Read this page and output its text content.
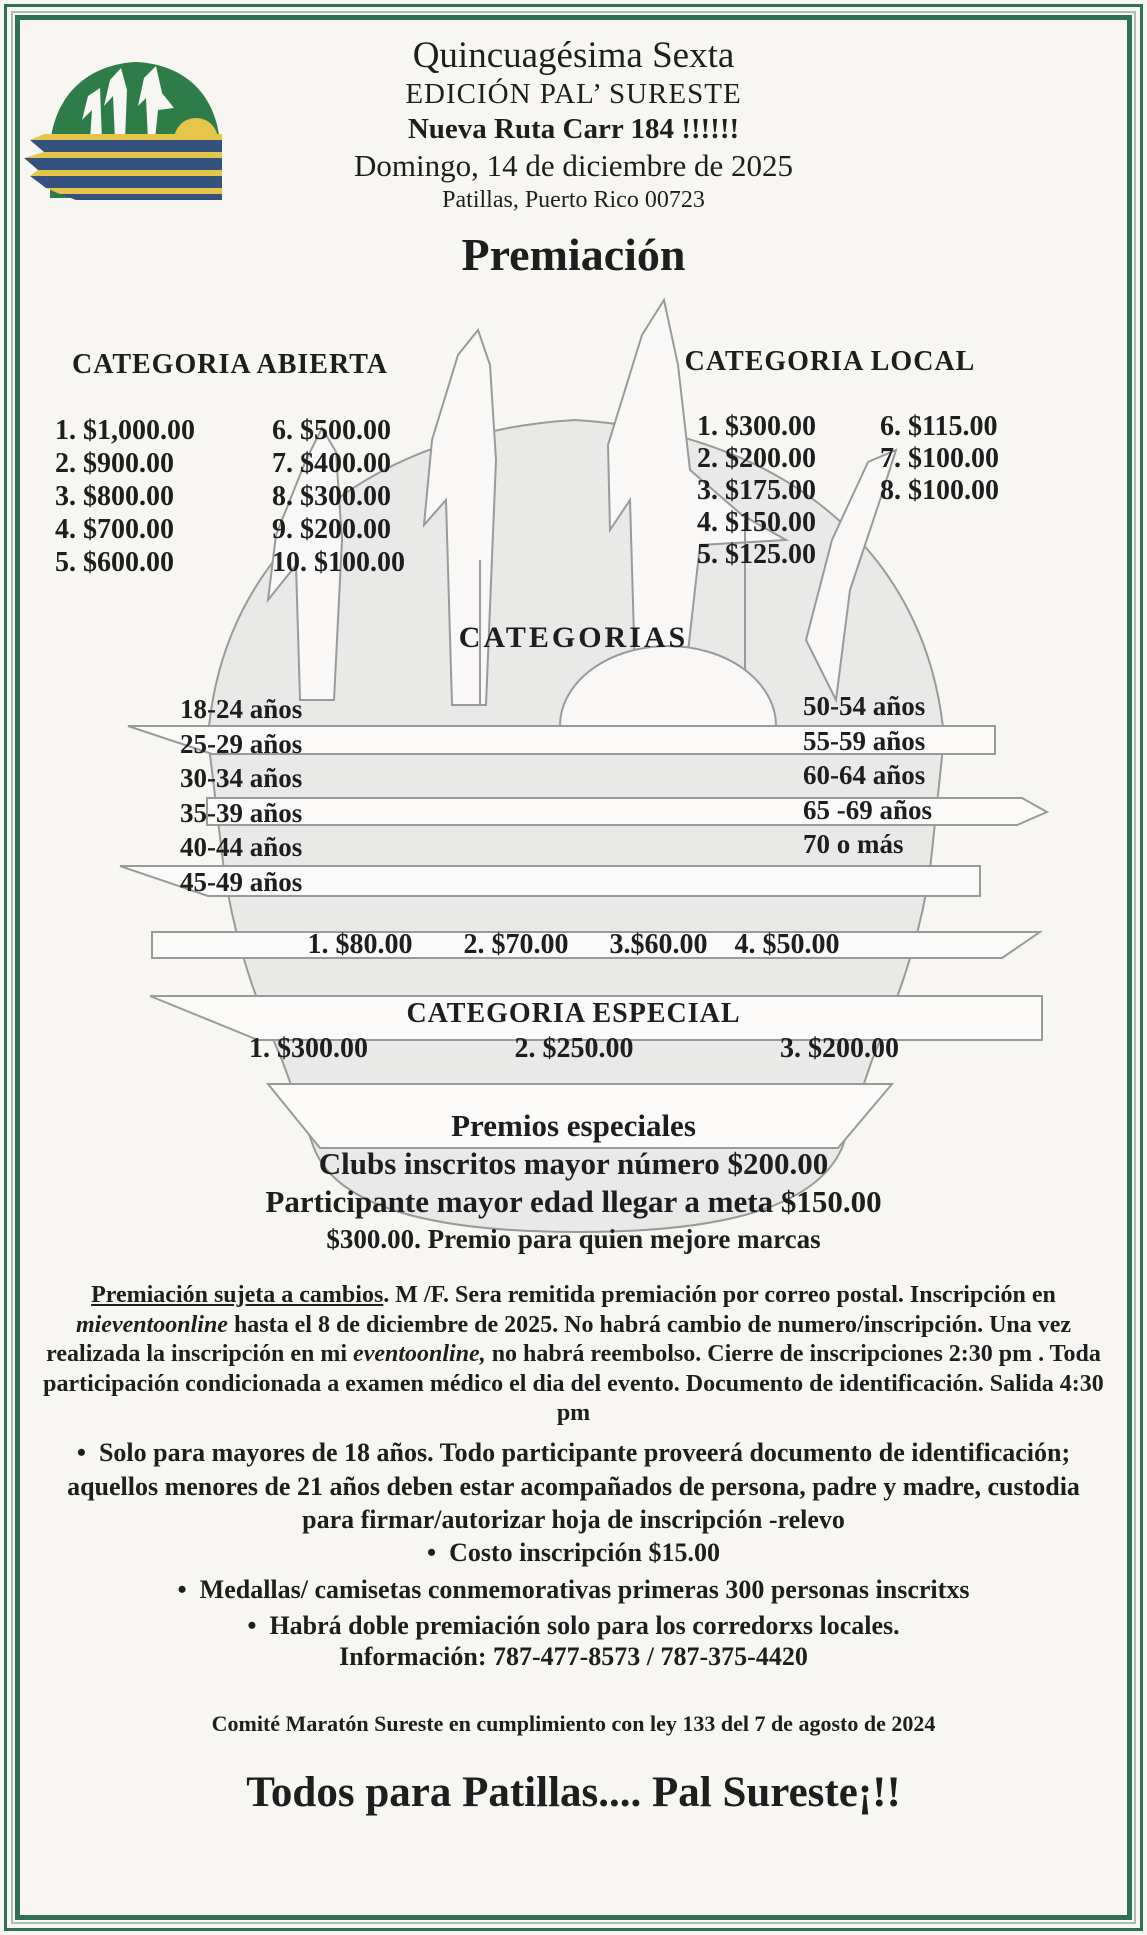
Quincuagésima Sexta
EDICIÓN PAL’ SURESTE
Nueva Ruta Carr 184 !!!!!!
Domingo, 14 de diciembre de 2025
Patillas, Puerto Rico 00723
Premiación
CATEGORIA ABIERTA
1. $1,000.00
2. $900.00
3. $800.00
4. $700.00
5. $600.00
6. $500.00
7. $400.00
8. $300.00
9. $200.00
10. $100.00
CATEGORIA LOCAL
1. $300.00
2. $200.00
3. $175.00
4. $150.00
5. $125.00
6. $115.00
7. $100.00
8. $100.00
CATEGORIAS
18-24 años
25-29 años
30-34 años
35-39 años
40-44 años
45-49 años
50-54 años
55-59 años
60-64 años
65 -69 años
70 o más
1. $80.00 2. $70.00 3.$60.00 4. $50.00
CATEGORIA ESPECIAL
1. $300.00	2. $250.00	3. $200.00
Premios especiales
Clubs inscritos mayor número $200.00
Participante mayor edad llegar a meta $150.00
$300.00. Premio para quien mejore marcas
Premiación sujeta a cambios. M /F. Sera remitida premiación por correo postal. Inscripción en mieventoonline hasta el 8 de diciembre de 2025. No habrá cambio de numero/inscripción. Una vez realizada la inscripción en mi eventoonline, no habrá reembolso. Cierre de inscripciones 2:30 pm . Toda participación condicionada a examen médico el dia del evento. Documento de identificación. Salida 4:30 pm
• Solo para mayores de 18 años. Todo participante proveerá documento de identificación; aquellos menores de 21 años deben estar acompañados de persona, padre y madre, custodia para firmar/autorizar hoja de inscripción -relevo
• Costo inscripción $15.00
• Medallas/ camisetas conmemorativas primeras 300 personas inscritxs
• Habrá doble premiación solo para los corredorxs locales.
Información: 787-477-8573 / 787-375-4420
Comité Maratón Sureste en cumplimiento con ley 133 del 7 de agosto de 2024
Todos para Patillas.... Pal Sureste¡!!
